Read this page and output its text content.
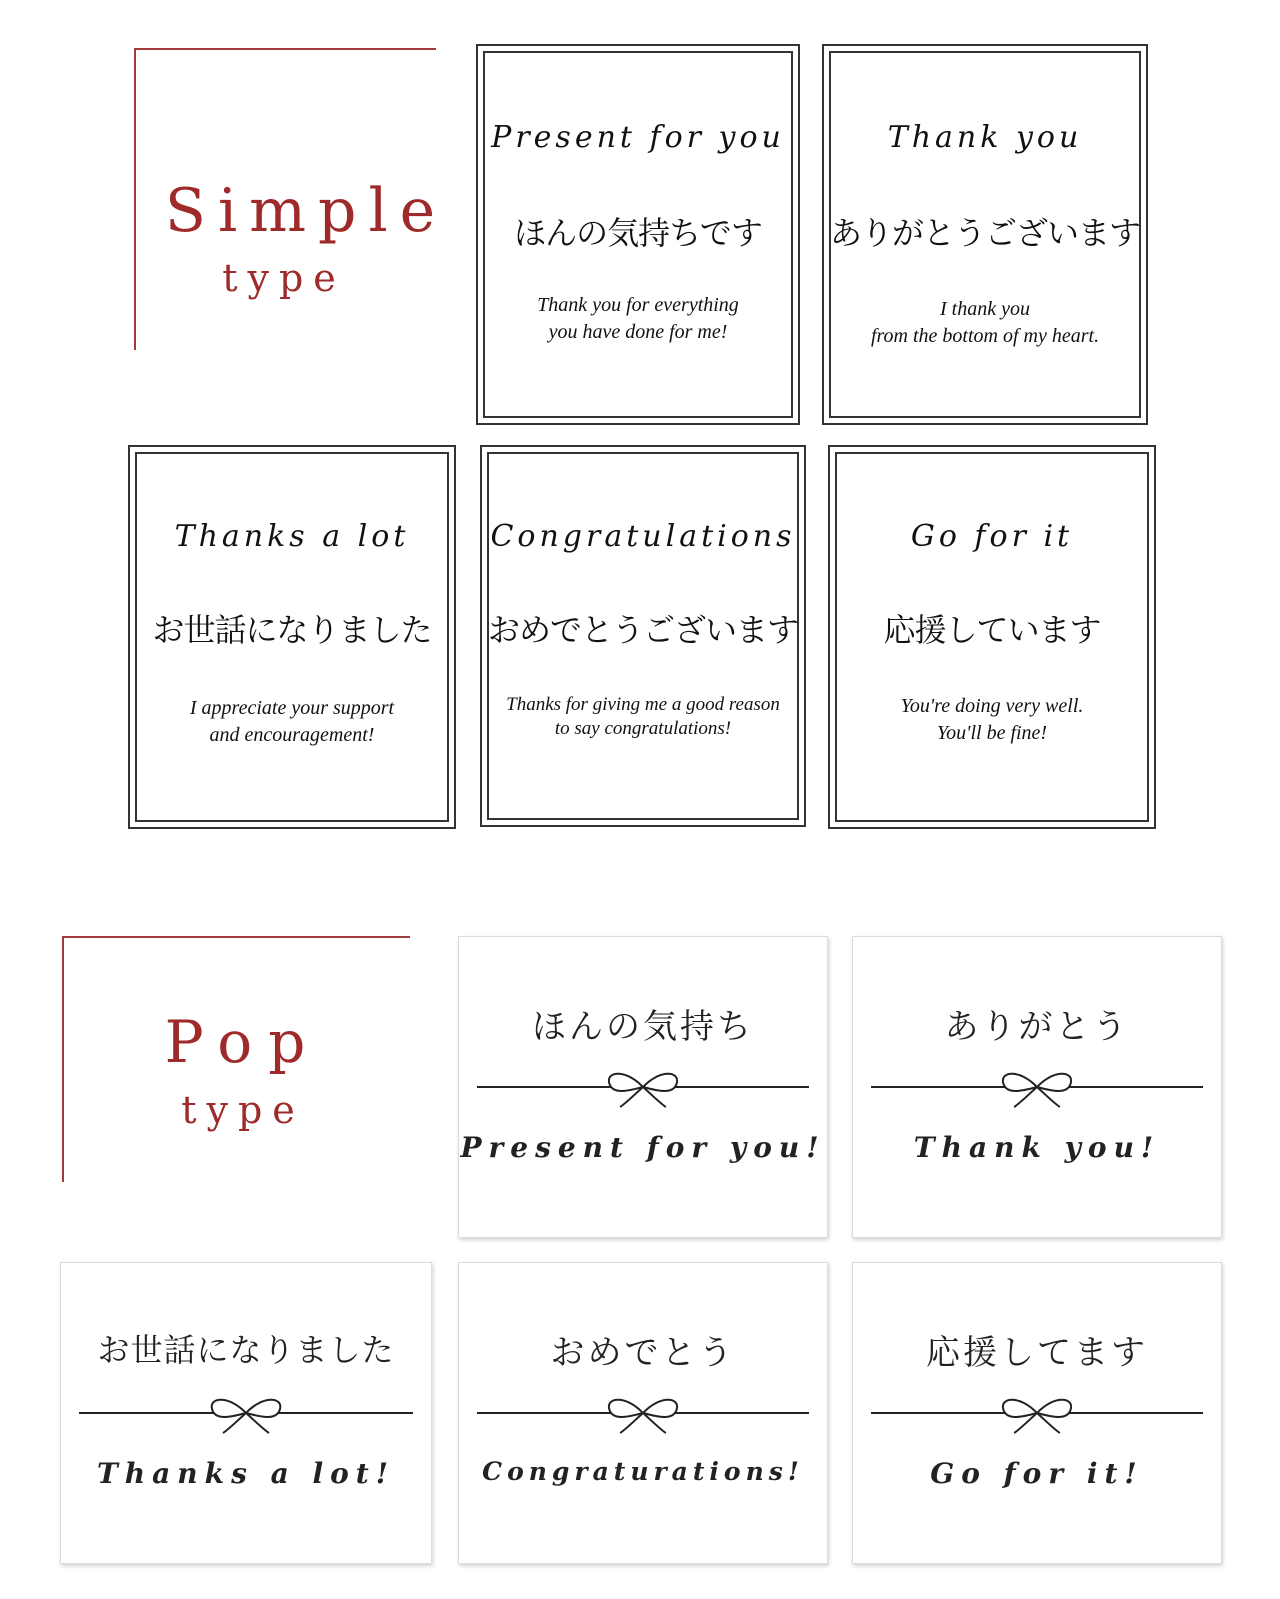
Simple
type
Present for you
ほんの気持ちです
Thank you for everything
you have done for me!
Thank you
ありがとうございます
I thank you
from the bottom of my heart.
Thanks a lot
お世話になりました
I appreciate your support
and encouragement!
Congratulations
おめでとうございます
Thanks for giving me a good reason
to say congratulations!
Go for it
応援しています
You're doing very well.
You'll be fine!
Pop
type
ほんの気持ち
Present for you!
ありがとう
Thank you!
お世話になりました
Thanks a lot!
おめでとう
Congraturations!
応援してます
Go for it!
